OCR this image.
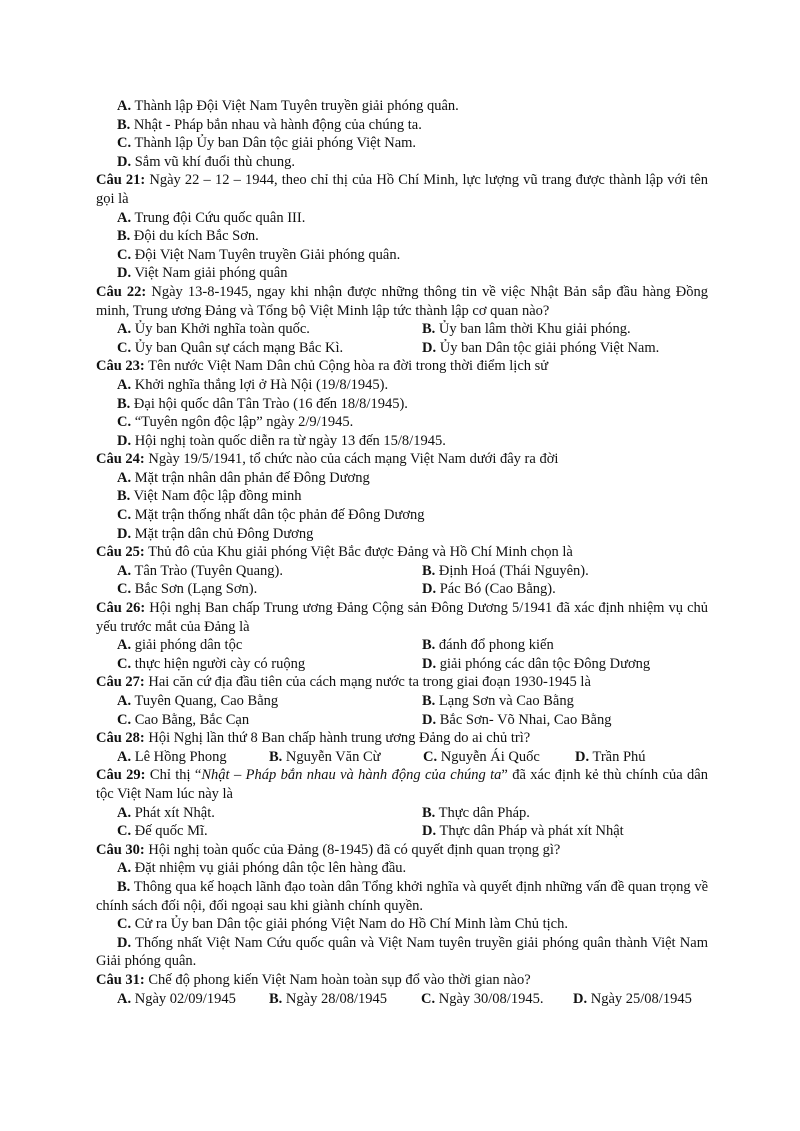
A. Thành lập Đội Việt Nam Tuyên truyền giải phóng quân.
B. Nhật - Pháp bắn nhau và hành động của chúng ta.
C. Thành lập Ủy ban Dân tộc giải phóng Việt Nam.
D. Sắm vũ khí đuổi thù chung.
Câu 21: Ngày 22 – 12 – 1944, theo chỉ thị của Hồ Chí Minh, lực lượng vũ trang được thành lập với tên gọi là
A. Trung đội Cứu quốc quân III.
B. Đội du kích Bắc Sơn.
C. Đội Việt Nam Tuyên truyền Giải phóng quân.
D. Việt Nam giải phóng quân
Câu 22: Ngày 13-8-1945, ngay khi nhận được những thông tin về việc Nhật Bản sắp đầu hàng Đồng minh, Trung ương Đảng và Tổng bộ Việt Minh lập tức thành lập cơ quan nào?
A. Ủy ban Khởi nghĩa toàn quốc.	B. Ủy ban lâm thời Khu giải phóng.
C. Ủy ban Quân sự cách mạng Bắc Kì.	D. Ủy ban Dân tộc giải phóng Việt Nam.
Câu 23: Tên nước Việt Nam Dân chủ Cộng hòa ra đời trong thời điểm lịch sử
A. Khởi nghĩa thắng lợi ở Hà Nội (19/8/1945).
B. Đại hội quốc dân Tân Trào (16 đến 18/8/1945).
C. “Tuyên ngôn độc lập” ngày 2/9/1945.
D. Hội nghị toàn quốc diễn ra từ ngày 13 đến 15/8/1945.
Câu 24: Ngày 19/5/1941, tổ chức nào của cách mạng Việt Nam dưới đây ra đời
A. Mặt trận nhân dân phản đế Đông Dương
B. Việt Nam độc lập đồng minh
C. Mặt trận thống nhất dân tộc phản đế Đông Dương
D. Mặt trận dân chủ Đông Dương
Câu 25: Thủ đô của Khu giải phóng Việt Bắc được Đảng và Hồ Chí Minh chọn là
A. Tân Trào (Tuyên Quang).	B. Định Hoá (Thái Nguyên).
C. Bắc Sơn (Lạng Sơn).	D. Pác Bó (Cao Bằng).
Câu 26: Hội nghị Ban chấp Trung ương Đảng Cộng sản Đông Dương 5/1941 đã xác định nhiệm vụ chủ yếu trước mắt của Đảng là
A. giải phóng dân tộc	B. đánh đổ phong kiến
C. thực hiện người cày có ruộng	D. giải phóng các dân tộc Đông Dương
Câu 27: Hai căn cứ địa đầu tiên của cách mạng nước ta trong giai đoạn 1930-1945 là
A. Tuyên Quang, Cao Bằng	B. Lạng Sơn và Cao Bằng
C. Cao Bằng, Bắc Cạn	D. Bắc Sơn- Võ Nhai, Cao Bằng
Câu 28: Hội Nghị lần thứ 8 Ban chấp hành trung ương Đảng do ai chủ trì?
A. Lê Hồng Phong	B. Nguyễn Văn Cừ	C. Nguyễn Ái Quốc	D. Trần Phú
Câu 29: Chỉ thị “Nhật – Pháp bắn nhau và hành động của chúng ta” đã xác định kẻ thù chính của dân tộc Việt Nam lúc này là
A. Phát xít Nhật.	B. Thực dân Pháp.
C. Đế quốc Mĩ.	D. Thực dân Pháp và phát xít Nhật
Câu 30: Hội nghị toàn quốc của Đảng (8-1945) đã có quyết định quan trọng gì?
A. Đặt nhiệm vụ giải phóng dân tộc lên hàng đầu.
B. Thông qua kế hoạch lãnh đạo toàn dân Tổng khởi nghĩa và quyết định những vấn đề quan trọng về chính sách đối nội, đối ngoại sau khi giành chính quyền.
C. Cử ra Ủy ban Dân tộc giải phóng Việt Nam do Hồ Chí Minh làm Chủ tịch.
D. Thống nhất Việt Nam Cứu quốc quân và Việt Nam tuyên truyền giải phóng quân thành Việt Nam Giải phóng quân.
Câu 31: Chế độ phong kiến Việt Nam hoàn toàn sụp đổ vào thời gian nào?
A. Ngày 02/09/1945	B. Ngày 28/08/1945	C. Ngày 30/08/1945.	D. Ngày 25/08/1945
